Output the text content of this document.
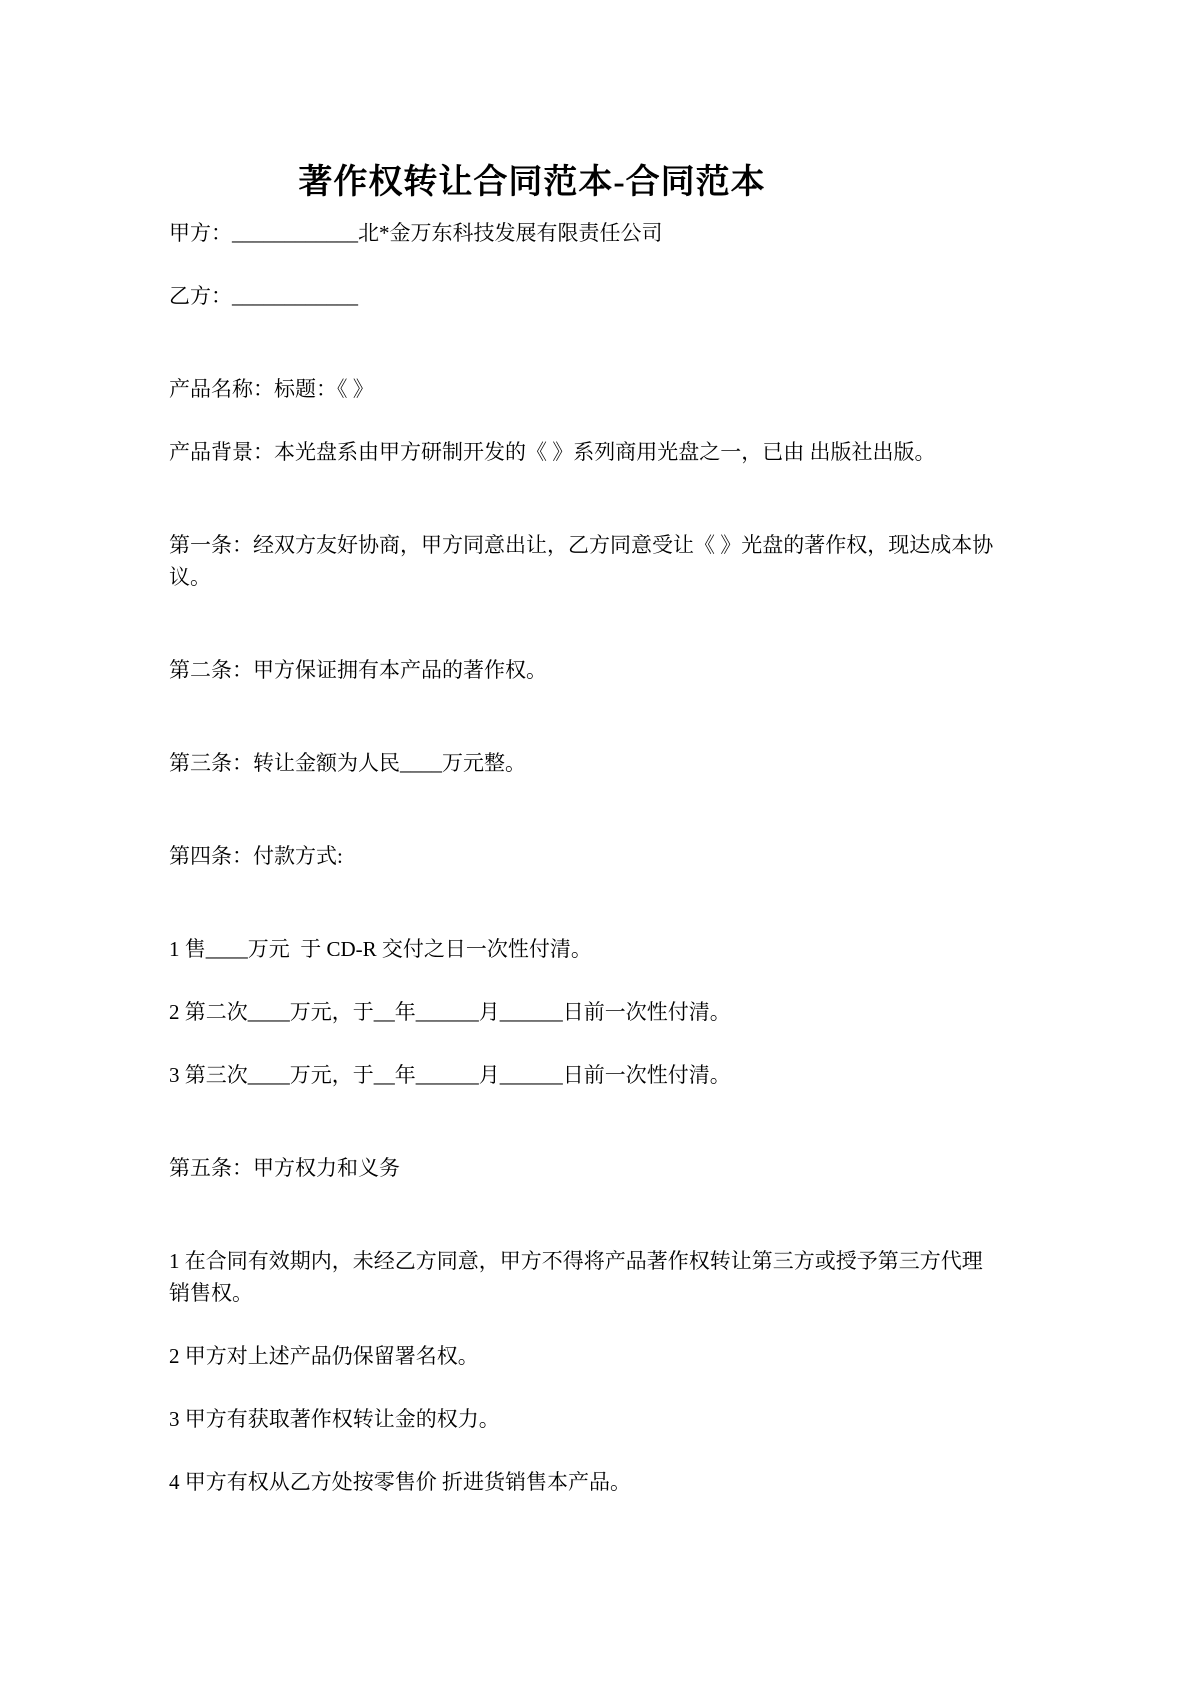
著作权转让合同范本-合同范本

甲方：____________北*金万东科技发展有限责任公司

乙方：____________

产品名称：标题：《 》

产品背景：本光盘系由甲方研制开发的《 》系列商用光盘之一，已由 出版社出版。

第一条：经双方友好协商，甲方同意出让，乙方同意受让《 》光盘的著作权，现达成本协
议。

第二条：甲方保证拥有本产品的著作权。

第三条：转让金额为人民____万元整。

第四条：付款方式:

1 售____万元  于 CD-R 交付之日一次性付清。

2 第二次____万元，于__年______月______日前一次性付清。

3 第三次____万元，于__年______月______日前一次性付清。

第五条：甲方权力和义务

1 在合同有效期内，未经乙方同意，甲方不得将产品著作权转让第三方或授予第三方代理
销售权。

2 甲方对上述产品仍保留署名权。

3 甲方有获取著作权转让金的权力。

4 甲方有权从乙方处按零售价 折进货销售本产品。
